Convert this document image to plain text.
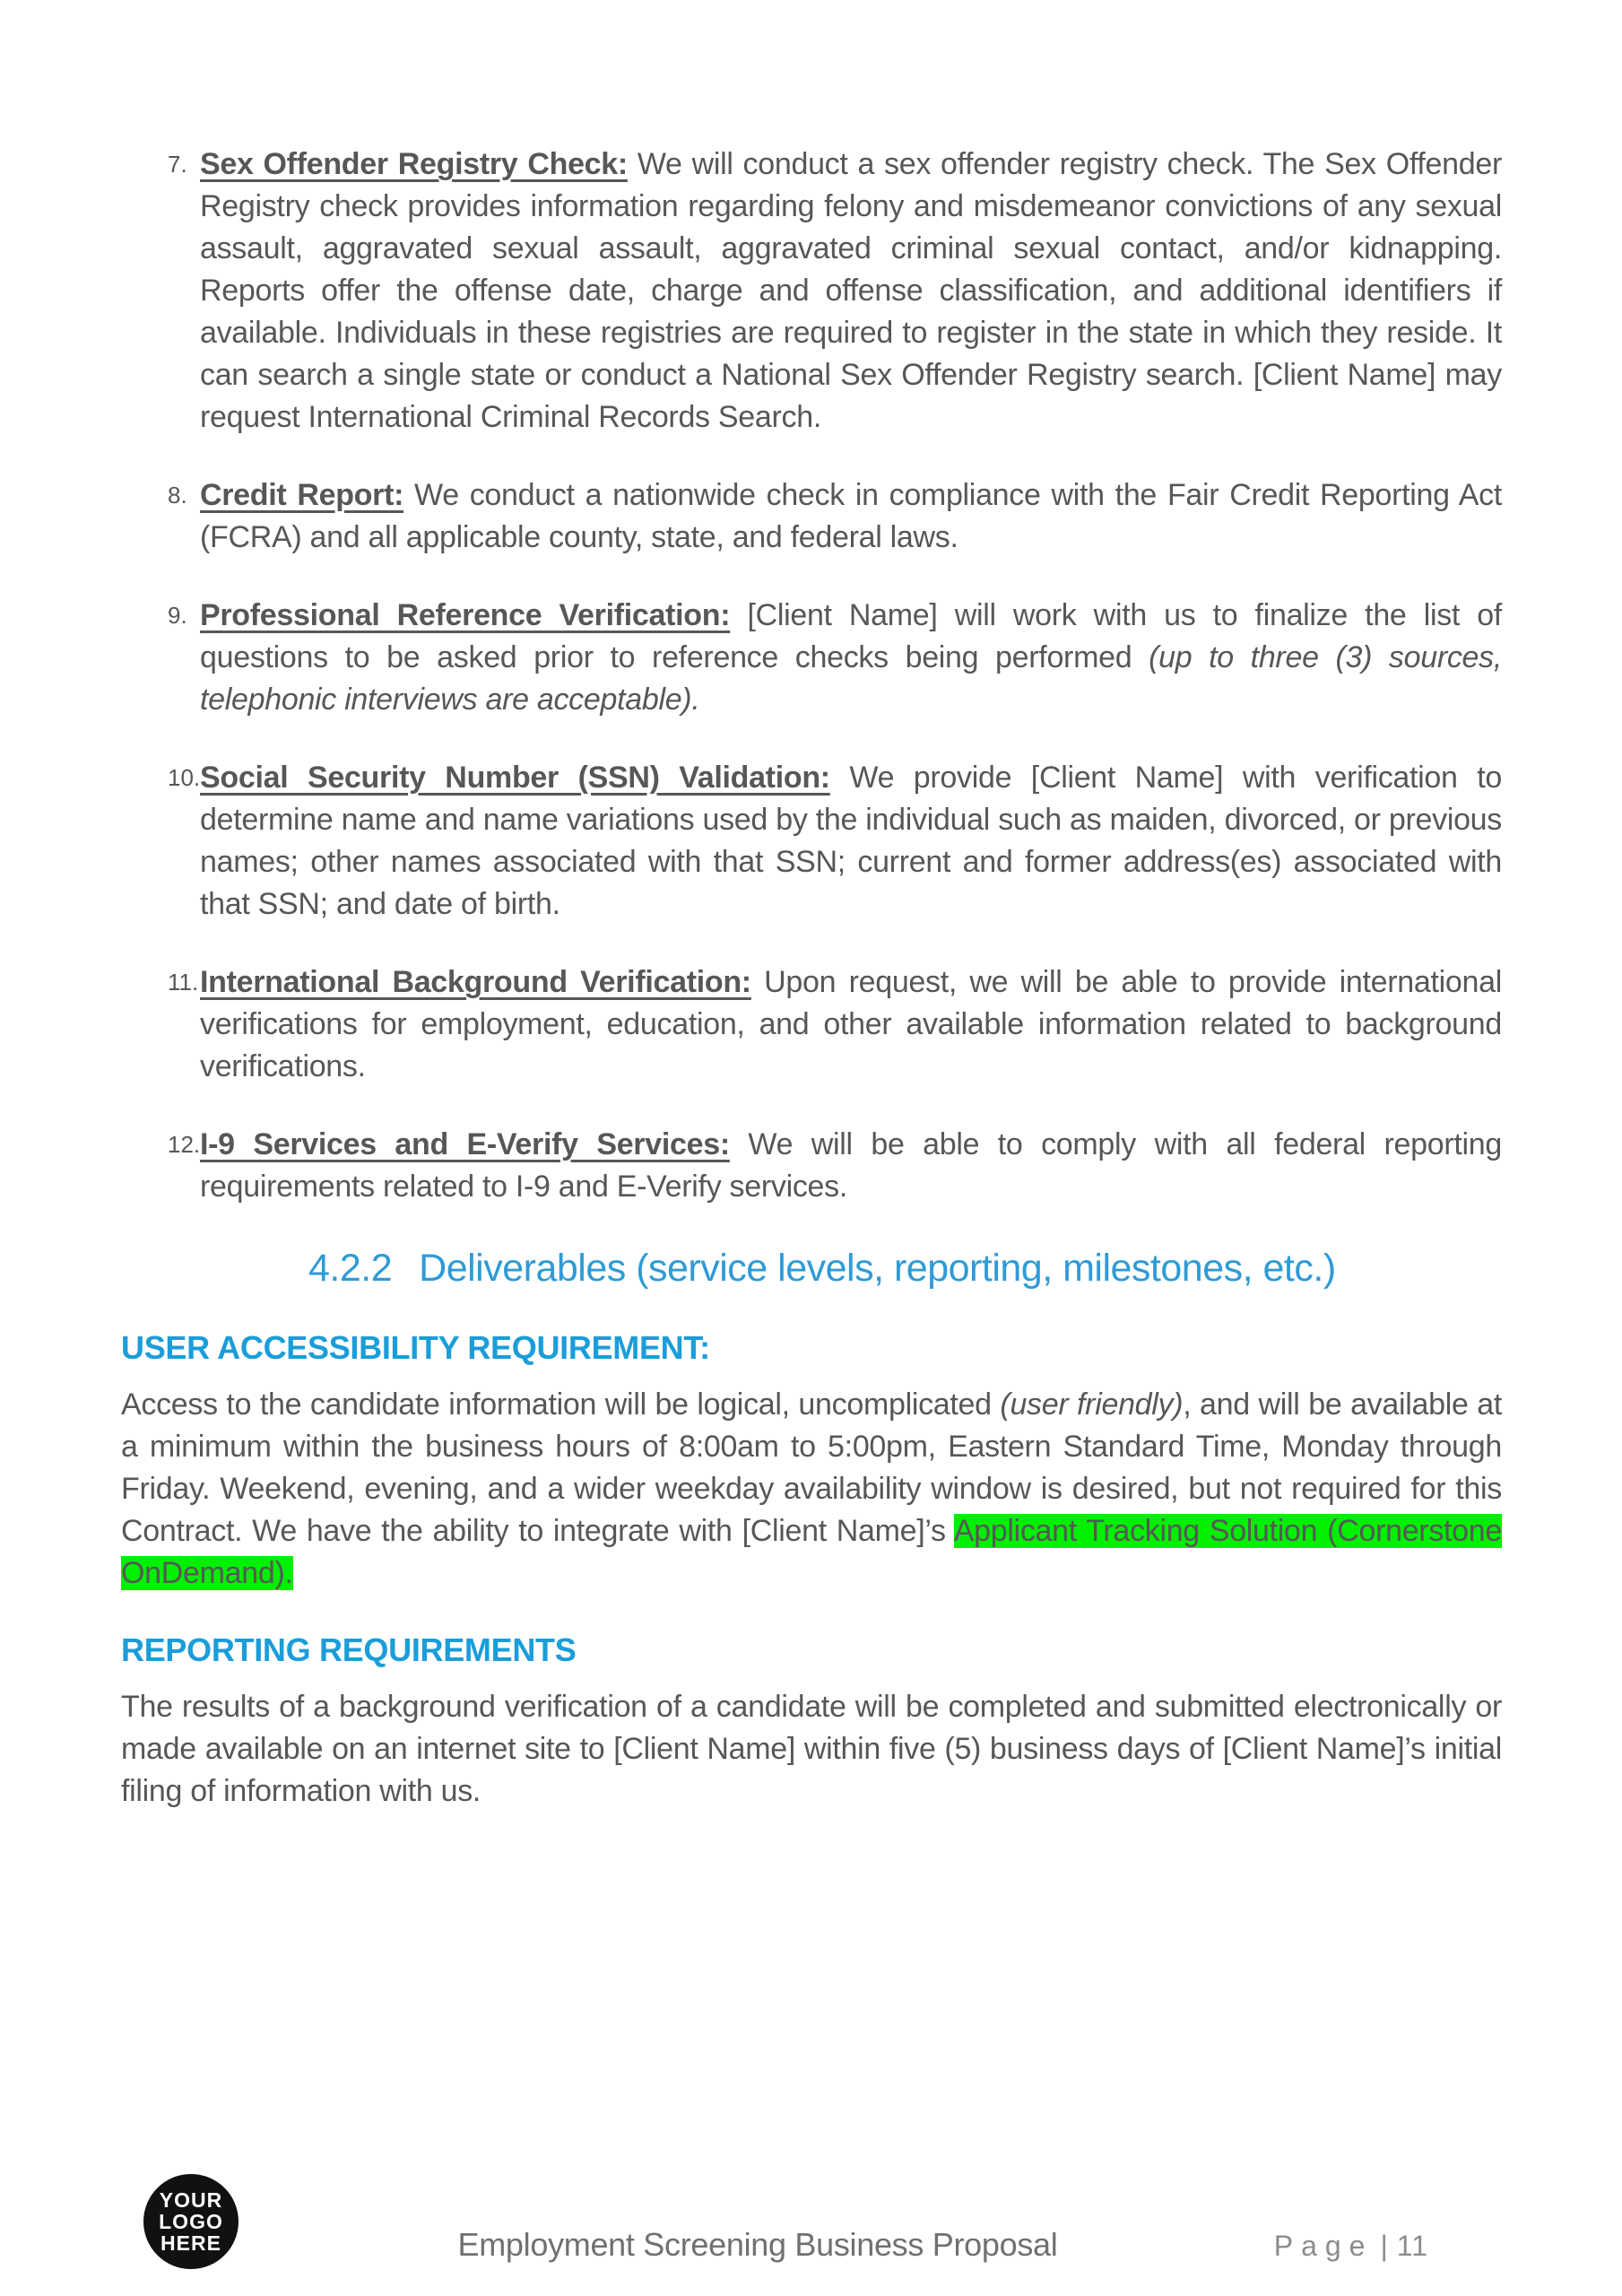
7. Sex Offender Registry Check: We will conduct a sex offender registry check. The Sex Offender Registry check provides information regarding felony and misdemeanor convictions of any sexual assault, aggravated sexual assault, aggravated criminal sexual contact, and/or kidnapping. Reports offer the offense date, charge and offense classification, and additional identifiers if available. Individuals in these registries are required to register in the state in which they reside. It can search a single state or conduct a National Sex Offender Registry search. [Client Name] may request International Criminal Records Search.
8. Credit Report: We conduct a nationwide check in compliance with the Fair Credit Reporting Act (FCRA) and all applicable county, state, and federal laws.
9. Professional Reference Verification: [Client Name] will work with us to finalize the list of questions to be asked prior to reference checks being performed (up to three (3) sources, telephonic interviews are acceptable).
10. Social Security Number (SSN) Validation: We provide [Client Name] with verification to determine name and name variations used by the individual such as maiden, divorced, or previous names; other names associated with that SSN; current and former address(es) associated with that SSN; and date of birth.
11. International Background Verification: Upon request, we will be able to provide international verifications for employment, education, and other available information related to background verifications.
12. I-9 Services and E-Verify Services: We will be able to comply with all federal reporting requirements related to I-9 and E-Verify services.
4.2.2 Deliverables (service levels, reporting, milestones, etc.)
USER ACCESSIBILITY REQUIREMENT:
Access to the candidate information will be logical, uncomplicated (user friendly), and will be available at a minimum within the business hours of 8:00am to 5:00pm, Eastern Standard Time, Monday through Friday. Weekend, evening, and a wider weekday availability window is desired, but not required for this Contract. We have the ability to integrate with [Client Name]’s Applicant Tracking Solution (Cornerstone OnDemand).
REPORTING REQUIREMENTS
The results of a background verification of a candidate will be completed and submitted electronically or made available on an internet site to [Client Name] within five (5) business days of [Client Name]’s initial filing of information with us.
YOUR
LOGO
HERE	Employment Screening Business Proposal	Page | 11
